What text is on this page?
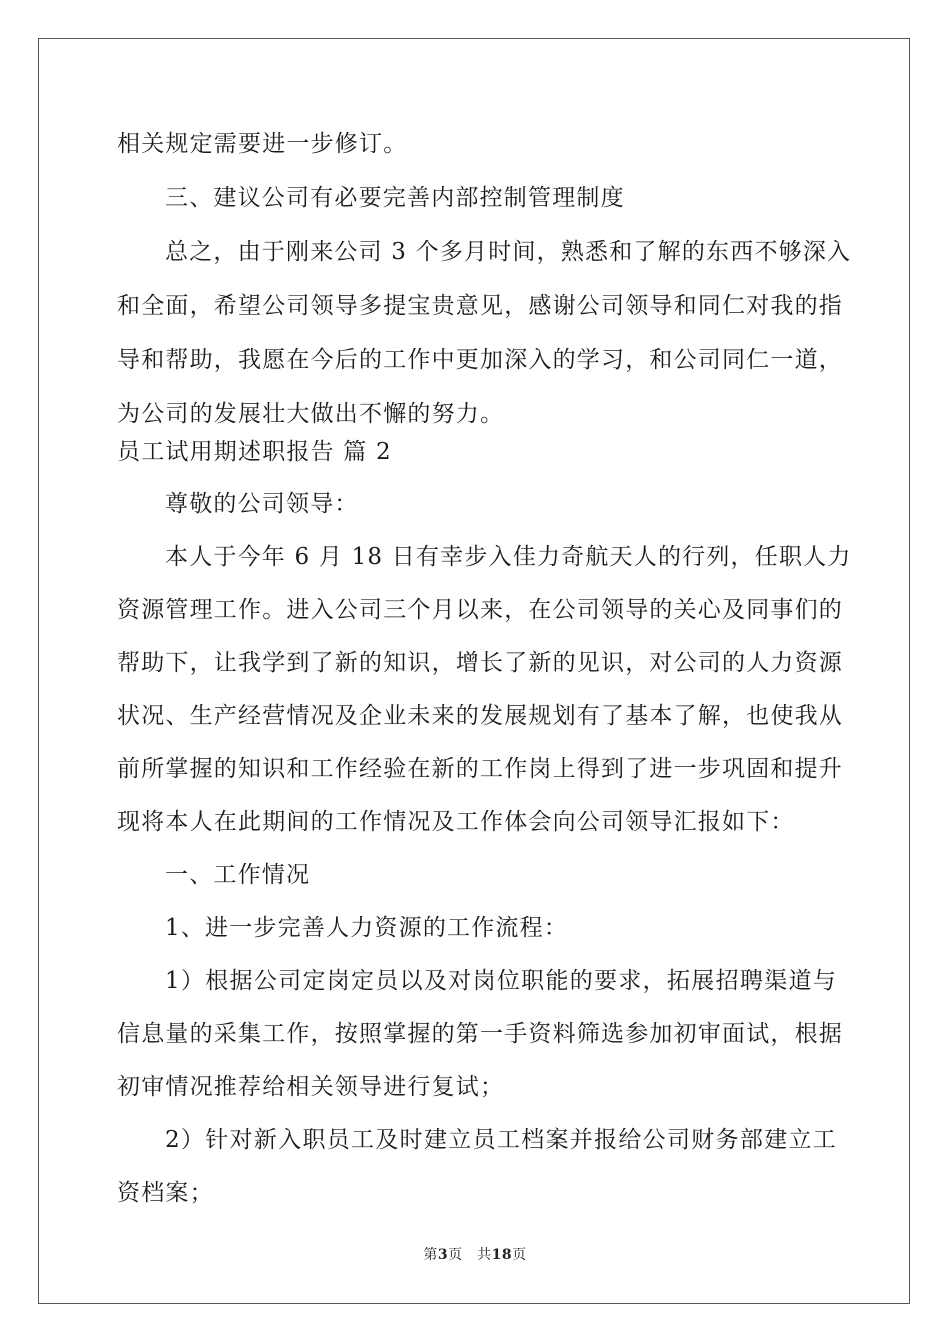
相关规定需要进一步修订。
三、建议公司有必要完善内部控制管理制度
总之，由于刚来公司 3 个多月时间，熟悉和了解的东西不够深入
和全面，希望公司领导多提宝贵意见，感谢公司领导和同仁对我的指
导和帮助，我愿在今后的工作中更加深入的学习，和公司同仁一道，
为公司的发展壮大做出不懈的努力。
员工试用期述职报告 篇 2
尊敬的公司领导：
本人于今年 6 月 18 日有幸步入佳力奇航天人的行列，任职人力
资源管理工作。进入公司三个月以来，在公司领导的关心及同事们的
帮助下，让我学到了新的知识，增长了新的见识，对公司的人力资源
状况、生产经营情况及企业未来的发展规划有了基本了解，也使我从
前所掌握的知识和工作经验在新的工作岗上得到了进一步巩固和提升
现将本人在此期间的工作情况及工作体会向公司领导汇报如下：
一、工作情况
1、进一步完善人力资源的工作流程：
1）根据公司定岗定员以及对岗位职能的要求，拓展招聘渠道与
信息量的采集工作，按照掌握的第一手资料筛选参加初审面试，根据
初审情况推荐给相关领导进行复试；
2）针对新入职员工及时建立员工档案并报给公司财务部建立工
资档案；
第3页　共18页
